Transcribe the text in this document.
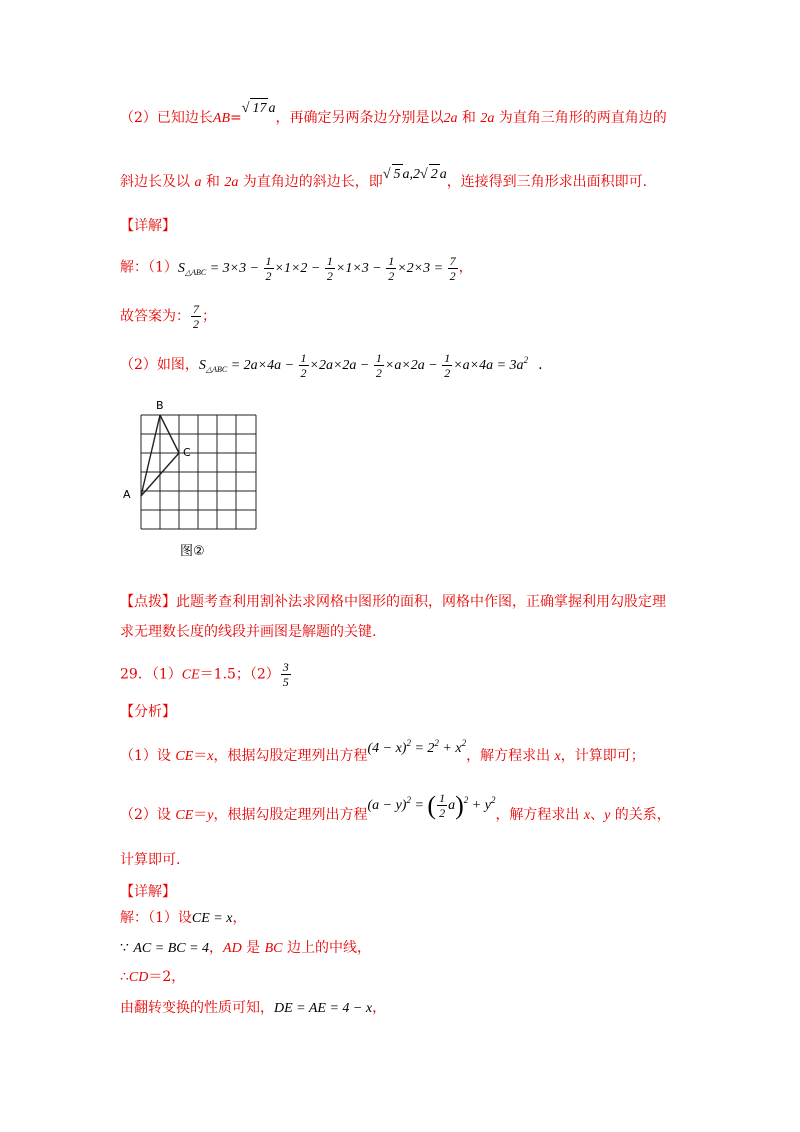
（2）已知边长AB=√ 17 a，再确定另两条边分别是以2a 和 2a 为直角三角形的两直角边的
斜边长及以 a 和 2a 为直角边的斜边长，即√ 5 a,2√ 2 a，连接得到三角形求出面积即可.
【详解】
解：$(1)S_{\triangle ABC} = 3\times 3 - \frac{1}{2} \times 1\times 2 - \frac{1}{2} \times 1\times 3 - \frac{1}{2} \times 2\times 3 = \frac{7}{2}$ ，
故答案为： $\frac{7}{2}$ ；
（2）如图，$S_{\triangle ABC} = 2a\times 4a - \frac{1}{2} \times 2a\times 2a - \frac{1}{2} \times a\times 2a - \frac{1}{2} \times a\times 4a = 3a^2$ .
B
C
A
图②
【点拨】此题考查利用割补法求网格中图形的面积，网格中作图，正确掌握利用勾股定理
求无理数长度的线段并画图是解题的关键.
29．（1）CE＝1.5；$(2) \frac{3}{5}$
【分析】
（1）设 CE＝x，根据勾股定理列出方程$(4 - x)^2 = 2^2 + x^2$，解方程求出 x，计算即可；
（2）设 CE＝y，根据勾股定理列出方程$(a - y)^2$ = ( $\frac{1}{2} a)^2 + y^2$，解方程求出 x、y 的关系，
计算即可.
【详解】
解：（1）设CE = x，
∵ AC = BC = 4，AD 是 BC 边上的中线，
∴CD＝2，
由翻转变换的性质可知，DE = AE = 4 − x，
